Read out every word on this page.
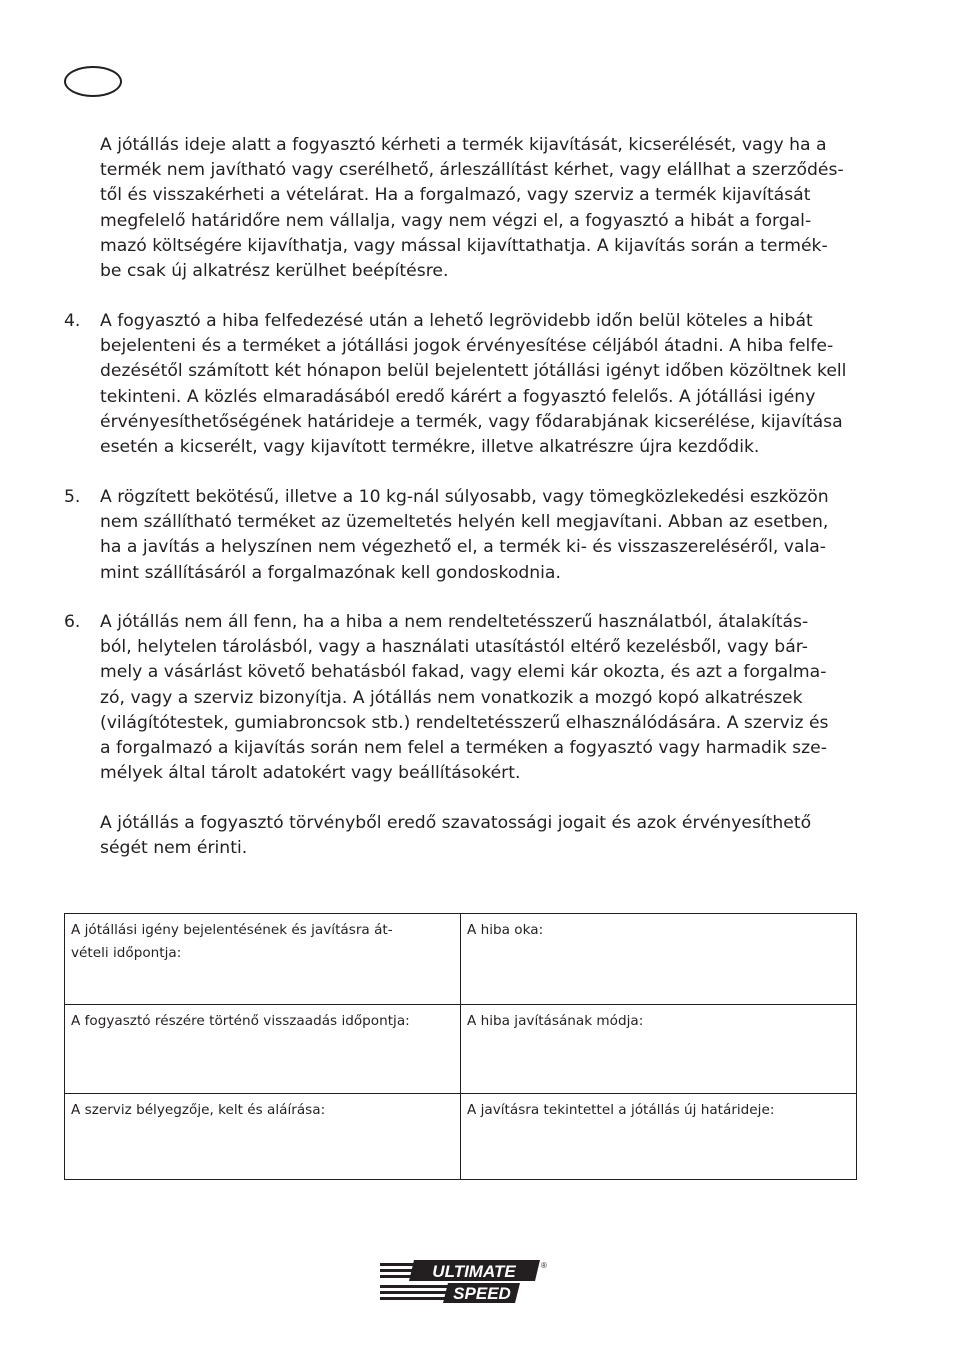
A jótállás ideje alatt a fogyasztó kérheti a termék kijavítását, kicserélését, vagy ha a
termék nem javítható vagy cserélhető, árleszállítást kérhet, vagy elállhat a szerződés-
től és visszakérheti a vételárat. Ha a forgalmazó, vagy szerviz a termék kijavítását
megfelelő határidőre nem vállalja, vagy nem végzi el, a fogyasztó a hibát a forgal-
mazó költségére kijavíthatja, vagy mással kijavíttathatja. A kijavítás során a termék-
be csak új alkatrész kerülhet beépítésre.
4. A fogyasztó a hiba felfedezésé után a lehető legrövidebb időn belül köteles a hibát
bejelenteni és a terméket a jótállási jogok érvényesítése céljából átadni. A hiba felfe-
dezésétől számított két hónapon belül bejelentett jótállási igényt időben közöltnek kell
tekinteni. A közlés elmaradásából eredő kárért a fogyasztó felelős. A jótállási igény
érvényesíthetőségének határideje a termék, vagy fődarabjának kicserélése, kijavítása
esetén a kicserélt, vagy kijavított termékre, illetve alkatrészre újra kezdődik.
5. A rögzített bekötésű, illetve a 10 kg-nál súlyosabb, vagy tömegközlekedési eszközön
nem szállítható terméket az üzemeltetés helyén kell megjavítani. Abban az esetben,
ha a javítás a helyszínen nem végezhető el, a termék ki- és visszaszereléséről, vala-
mint szállításáról a forgalmazónak kell gondoskodnia.
6. A jótállás nem áll fenn, ha a hiba a nem rendeltetésszerű használatból, átalakítás-
ból, helytelen tárolásból, vagy a használati utasítástól eltérő kezelésből, vagy bár-
mely a vásárlást követő behatásból fakad, vagy elemi kár okozta, és azt a forgalma-
zó, vagy a szerviz bizonyítja. A jótállás nem vonatkozik a mozgó kopó alkatrészek
(világítótestek, gumiabroncsok stb.) rendeltetésszerű elhasználódására. A szerviz és
a forgalmazó a kijavítás során nem felel a terméken a fogyasztó vagy harmadik sze-
mélyek által tárolt adatokért vagy beállításokért.
A jótállás a fogyasztó törvényből eredő szavatossági jogait és azok érvényesíthető
ségét nem érinti.
A jótállási igény bejelentésének és javításra át-
vételi időpontja:	A hiba oka:

A fogyasztó részére történő visszaadás időpontja:	A hiba javításának módja:

A szerviz bélyegzője, kelt és aláírása:	A javításra tekintettel a jótállás új határideje:
ULTIMATE
SPEED
®
